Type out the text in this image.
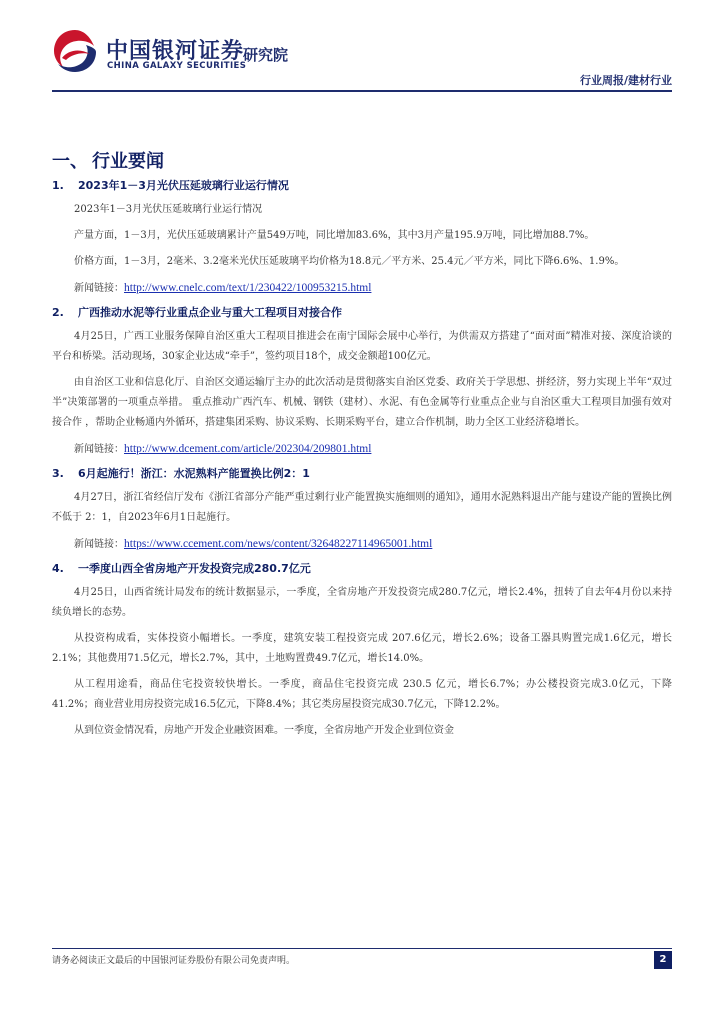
中国银河证券
CHINA GALAXY SECURITIES
研究院
行业周报/建材行业
一、 行业要闻
1. 2023年1－3月光伏压延玻璃行业运行情况

2023年1－3月光伏压延玻璃行业运行情况

产量方面，1－3月，光伏压延玻璃累计产量549万吨，同比增加83.6%，其中3月产量195.9万吨，同比增加88.7%。

价格方面，1－3月，2毫米、3.2毫米光伏压延玻璃平均价格为18.8元／平方米、25.4元／平方米，同比下降6.6%、1.9%。

新闻链接：http://www.cnelc.com/text/1/230422/100953215.html

2. 广西推动水泥等行业重点企业与重大工程项目对接合作

4月25日，广西工业服务保障自治区重大工程项目推进会在南宁国际会展中心举行，为供需双方搭建了“面对面”精准对接、深度洽谈的平台和桥梁。活动现场，30家企业达成“牵手”，签约项目18个，成交金额超100亿元。

由自治区工业和信息化厅、自治区交通运输厅主办的此次活动是贯彻落实自治区党委、政府关于学思想、拼经济，努力实现上半年“双过半”决策部署的一项重点举措。 重点推动广西汽车、机械、钢铁（建材）、水泥、有色金属等行业重点企业与自治区重大工程项目加强有效对接合作 ，帮助企业畅通内外循环，搭建集团采购、协议采购、长期采购平台，建立合作机制，助力全区工业经济稳增长。

新闻链接：http://www.dcement.com/article/202304/209801.html

3. 6月起施行！浙江：水泥熟料产能置换比例2：1

4月27日，浙江省经信厅发布《浙江省部分产能严重过剩行业产能置换实施细则的通知》，通用水泥熟料退出产能与建设产能的置换比例不低于 2：1，自2023年6月1日起施行。

新闻链接：https://www.ccement.com/news/content/32648227114965001.html

4. 一季度山西全省房地产开发投资完成280.7亿元

4月25日，山西省统计局发布的统计数据显示，一季度，全省房地产开发投资完成280.7亿元，增长2.4%，扭转了自去年4月份以来持续负增长的态势。

从投资构成看，实体投资小幅增长。一季度，建筑安装工程投资完成 207.6亿元，增长2.6%；设备工器具购置完成1.6亿元，增长2.1%；其他费用71.5亿元，增长2.7%，其中，土地购置费49.7亿元，增长14.0%。

从工程用途看，商品住宅投资较快增长。一季度，商品住宅投资完成 230.5 亿元，增长6.7%；办公楼投资完成3.0亿元，下降41.2%；商业营业用房投资完成16.5亿元，下降8.4%；其它类房屋投资完成30.7亿元，下降12.2%。

从到位资金情况看，房地产开发企业融资困难。一季度，全省房地产开发企业到位资金

请务必阅读正文最后的中国银河证券股份有限公司免责声明。	2
